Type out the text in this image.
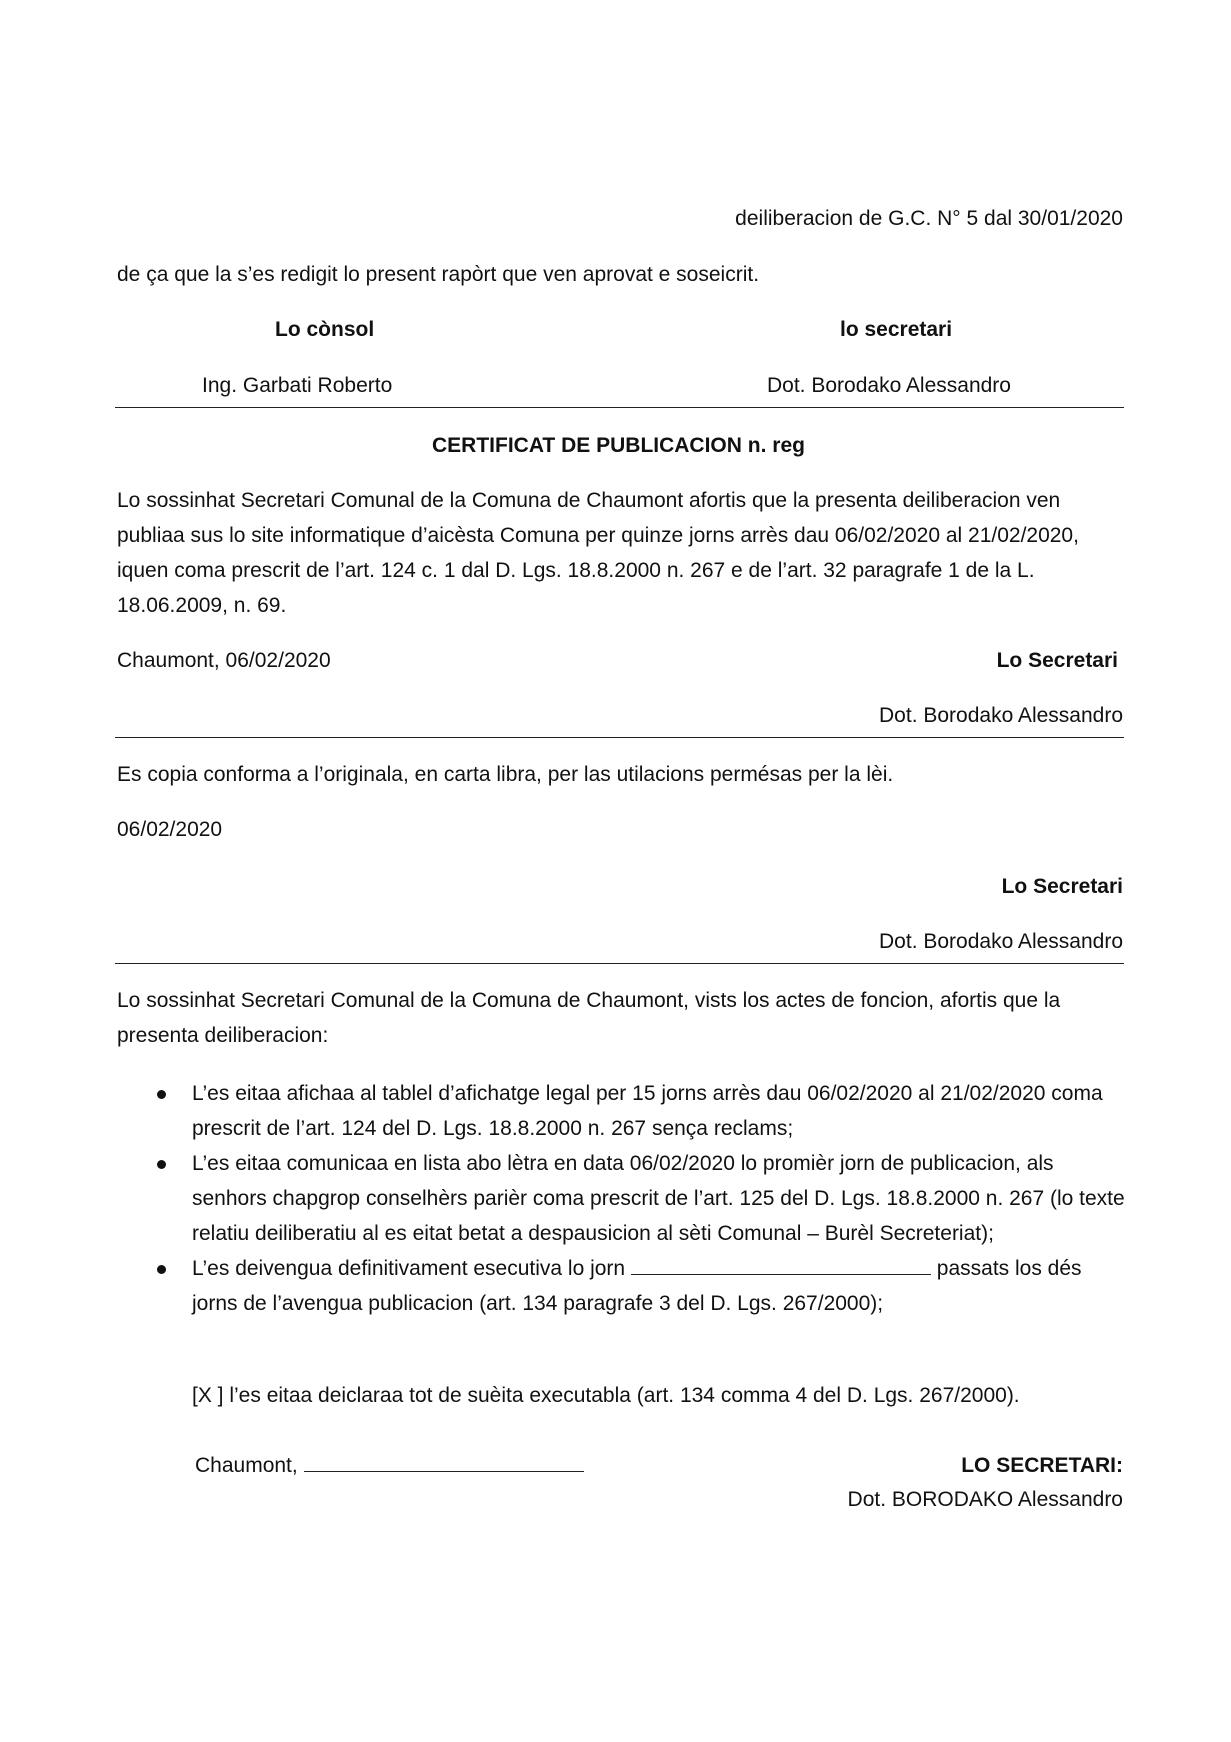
deiliberacion de G.C. N° 5 dal 30/01/2020
de ça que la s’es redigit lo present rapòrt que ven aprovat e soseicrit.
Lo cònsol	lo secretari
Ing. Garbati Roberto	Dot. Borodako Alessandro
CERTIFICAT DE PUBLICACION n. reg
Lo sossinhat Secretari Comunal de la Comuna de Chaumont afortis que la presenta deiliberacion ven publiaa sus lo site informatique d’aicèsta Comuna per quinze jorns arrès dau 06/02/2020 al 21/02/2020, iquen coma prescrit de l’art. 124 c. 1 dal D. Lgs. 18.8.2000 n. 267 e de l’art. 32 paragrafe 1 de la L. 18.06.2009, n. 69.
Chaumont, 06/02/2020	Lo Secretari
Dot. Borodako Alessandro
Es copia conforma a l’originala, en carta libra, per las utilacions permésas per la lèi.
06/02/2020
Lo Secretari
Dot. Borodako Alessandro
Lo sossinhat Secretari Comunal de la Comuna de Chaumont, vists los actes de foncion, afortis que la presenta deiliberacion:
L’es eitaa afichaa al tablel d’afichatge legal per 15 jorns arrès dau 06/02/2020 al 21/02/2020 coma prescrit de l’art. 124 del D. Lgs. 18.8.2000 n. 267 sença reclams;
L’es eitaa comunicaa en lista abo lètra en data 06/02/2020 lo promièr jorn de publicacion, als senhors chapgrop conselhèrs parièr coma prescrit de l’art. 125 del D. Lgs. 18.8.2000 n. 267 (lo texte relatiu deiliberatiu al es eitat betat a despausicion al sèti Comunal – Burèl Secreteriat);
L’es deivengua definitivament esecutiva lo jorn	passats los dés jorns de l’avengua publicacion (art. 134 paragrafe 3 del D. Lgs. 267/2000);
[X ] l’es eitaa deiclaraa tot de suèita executabla (art. 134 comma 4 del D. Lgs. 267/2000).
Chaumont,	LO SECRETARI:
Dot. BORODAKO Alessandro
